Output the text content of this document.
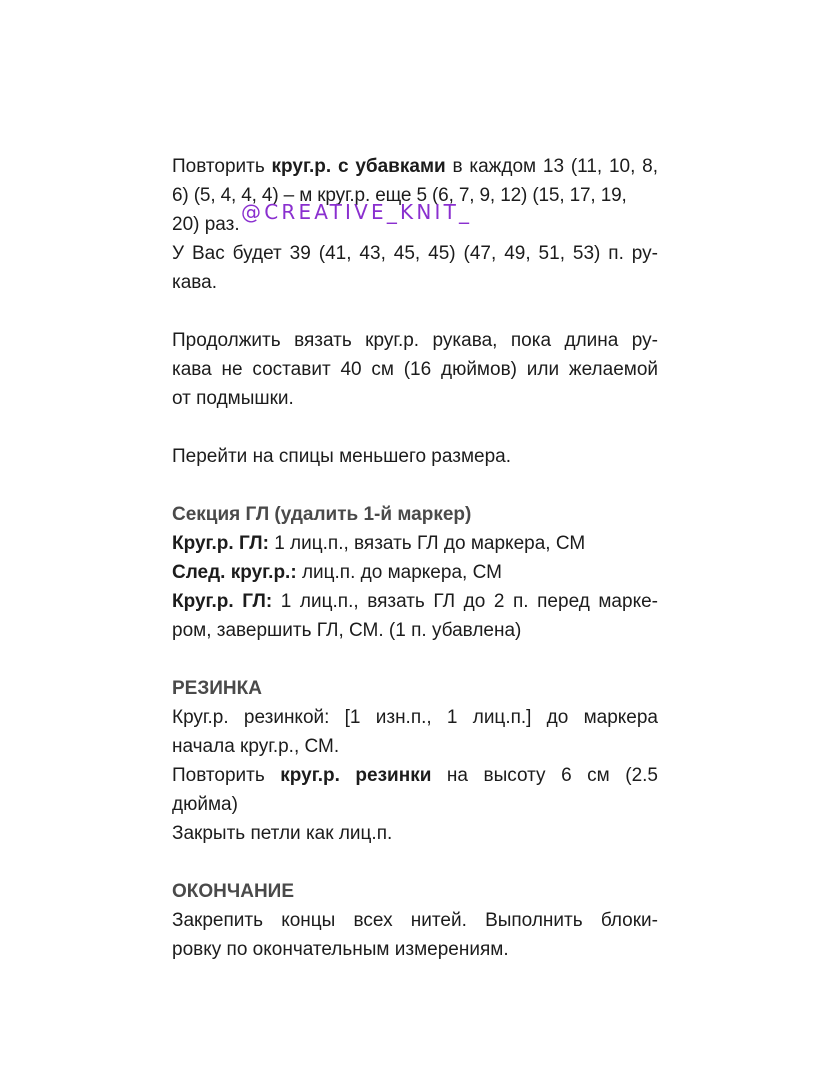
Повторить круг.р. с убавками в каждом 13 (11, 10, 8,

6) (5, 4, 4, 4) – м круг.р. еще 5 (6, 7, 9, 12) (15, 17, 19,

20) раз.

У Вас будет 39 (41, 43, 45, 45) (47, 49, 51, 53) п. ру-

кава.

Продолжить вязать круг.р. рукава, пока длина ру-

кава не составит 40 см (16 дюймов) или желаемой

от подмышки.

Перейти на спицы меньшего размера.

Секция ГЛ (удалить 1-й маркер)

Круг.р. ГЛ: 1 лиц.п., вязать ГЛ до маркера, СМ

След. круг.р.: лиц.п. до маркера, СМ

Круг.р. ГЛ: 1 лиц.п., вязать ГЛ до 2 п. перед марке-

ром, завершить ГЛ, СМ. (1 п. убавлена)

РЕЗИНКА

Круг.р. резинкой: [1 изн.п., 1 лиц.п.] до маркера

начала круг.р., СМ.

Повторить круг.р. резинки на высоту 6 см (2.5

дюйма)

Закрыть петли как лиц.п.

ОКОНЧАНИЕ

Закрепить концы всех нитей. Выполнить блоки-

ровку по окончательным измерениям.

@CREATIVE_KNIT_
